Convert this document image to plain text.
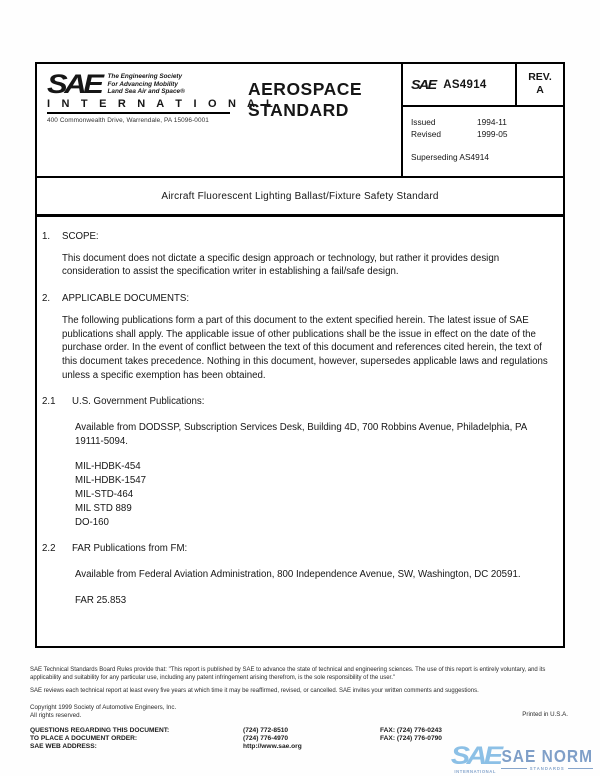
SAE	The Engineering Society
For Advancing Mobility
Land Sea Air and Space®
I N T E R N A T I O N A L
400 Commonwealth Drive, Warrendale, PA 15096-0001
AEROSPACE
STANDARD
SAE AS4914
REV.
A
Issued	1994-11
Revised	1999-05
Superseding AS4914
Aircraft Fluorescent Lighting Ballast/Fixture Safety Standard
1.	SCOPE:

This document does not dictate a specific design approach or technology, but rather it provides design consideration to assist the specification writer in establishing a fail/safe design.

2.	APPLICABLE DOCUMENTS:

The following publications form a part of this document to the extent specified herein. The latest issue of SAE publications shall apply. The applicable issue of other publications shall be the issue in effect on the date of the purchase order. In the event of conflict between the text of this document and references cited herein, the text of this document takes precedence. Nothing in this document, however, supersedes applicable laws and regulations unless a specific exemption has been obtained.

2.1	U.S. Government Publications:

Available from DODSSP, Subscription Services Desk, Building 4D, 700 Robbins Avenue, Philadelphia, PA 19111-5094.

MIL-HDBK-454
MIL-HDBK-1547
MIL-STD-464
MIL STD 889
DO-160
2.2	FAR Publications from FM:

Available from Federal Aviation Administration, 800 Independence Avenue, SW, Washington, DC 20591.

FAR 25.853
SAE Technical Standards Board Rules provide that: "This report is published by SAE to advance the state of technical and engineering sciences. The use of this report is entirely voluntary, and its applicability and suitability for any particular use, including any patent infringement arising therefrom, is the sole responsibility of the user."
SAE reviews each technical report at least every five years at which time it may be reaffirmed, revised, or cancelled. SAE invites your written comments and suggestions.
Copyright 1999 Society of Automotive Engineers, Inc.
All rights reserved.	Printed in U.S.A.
QUESTIONS REGARDING THIS DOCUMENT:	(724) 772-8510	FAX: (724) 776-0243
TO PLACE A DOCUMENT ORDER:	(724) 776-4970	FAX: (724) 776-0790
SAE WEB ADDRESS:	http://www.sae.org	SAE
INTERNATIONAL
SAE NORM
STANDARDS
